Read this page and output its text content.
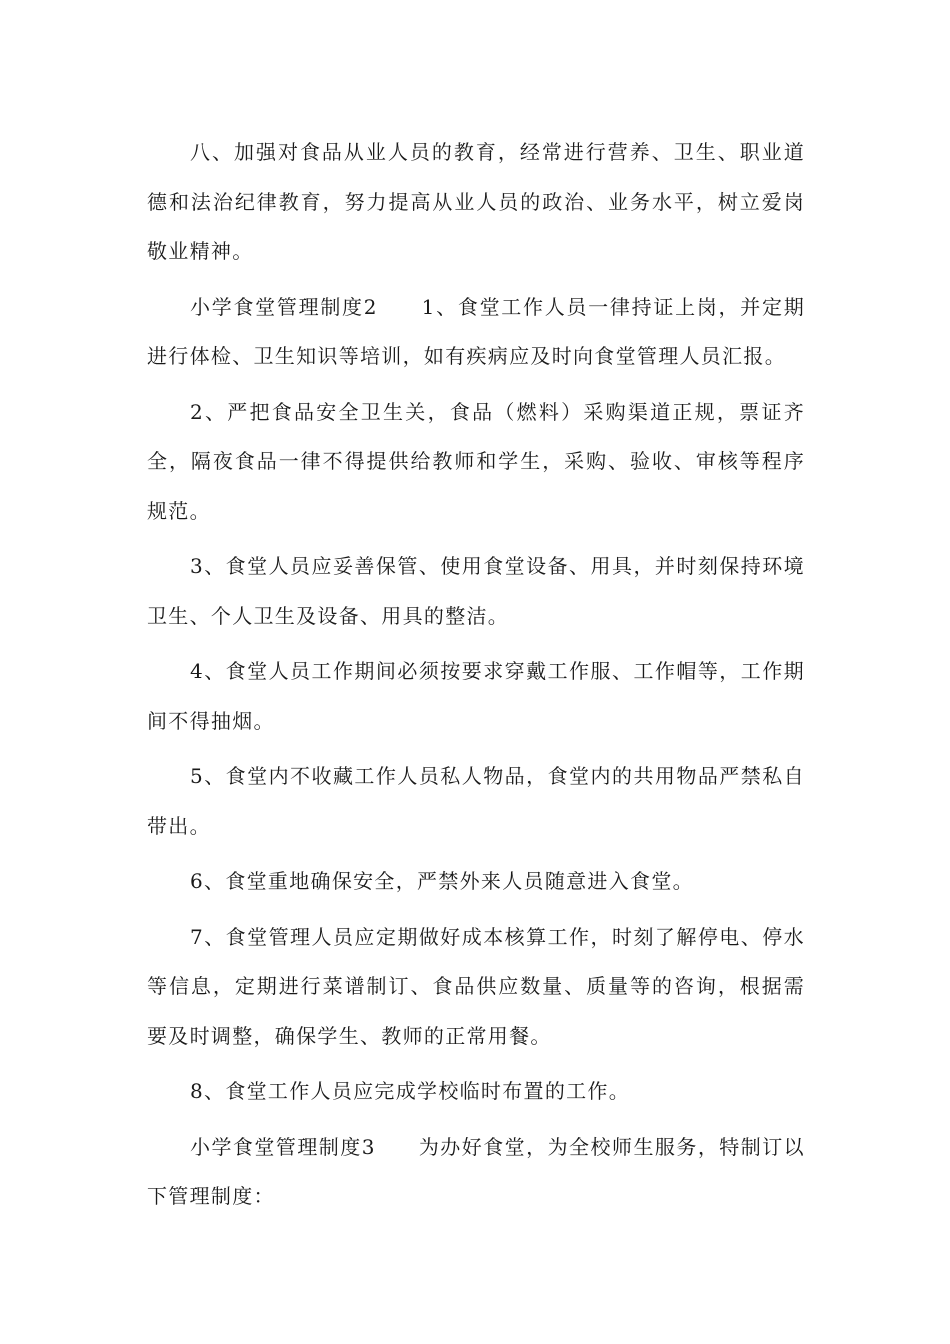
八、加强对食品从业人员的教育，经常进行营养、卫生、职业道德和法治纪律教育，努力提高从业人员的政治、业务水平，树立爱岗敬业精神。

小学食堂管理制度2　　1、食堂工作人员一律持证上岗，并定期进行体检、卫生知识等培训，如有疾病应及时向食堂管理人员汇报。

2、严把食品安全卫生关，食品（燃料）采购渠道正规，票证齐全，隔夜食品一律不得提供给教师和学生，采购、验收、审核等程序规范。

3、食堂人员应妥善保管、使用食堂设备、用具，并时刻保持环境卫生、个人卫生及设备、用具的整洁。

4、食堂人员工作期间必须按要求穿戴工作服、工作帽等，工作期间不得抽烟。

5、食堂内不收藏工作人员私人物品，食堂内的共用物品严禁私自带出。

6、食堂重地确保安全，严禁外来人员随意进入食堂。

7、食堂管理人员应定期做好成本核算工作，时刻了解停电、停水等信息，定期进行菜谱制订、食品供应数量、质量等的咨询，根据需要及时调整，确保学生、教师的正常用餐。

8、食堂工作人员应完成学校临时布置的工作。

小学食堂管理制度3　　为办好食堂，为全校师生服务，特制订以下管理制度：
